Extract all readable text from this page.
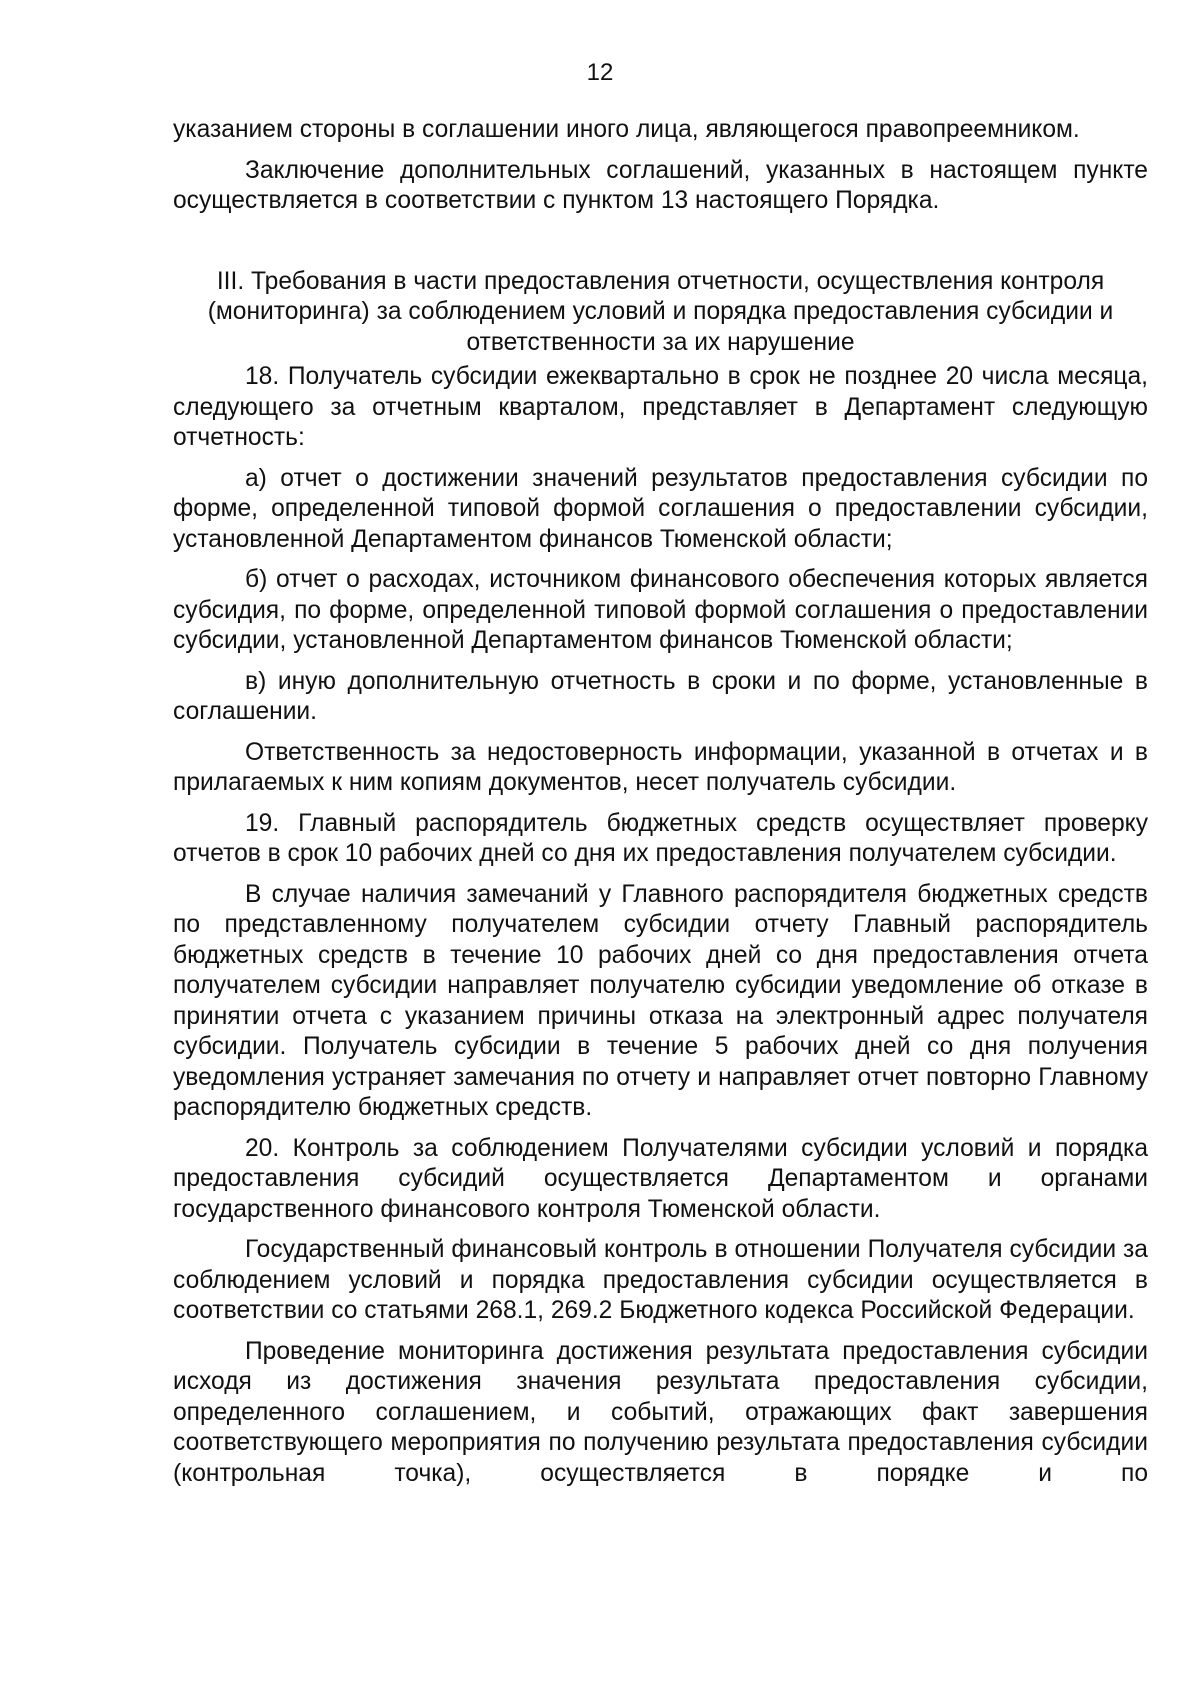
12

указанием стороны в соглашении иного лица, являющегося правопреемником.

Заключение дополнительных соглашений, указанных в настоящем пункте осуществляется в соответствии с пунктом 13 настоящего Порядка.

III. Требования в части предоставления отчетности, осуществления контроля (мониторинга) за соблюдением условий и порядка предоставления субсидии и ответственности за их нарушение

18. Получатель субсидии ежеквартально в срок не позднее 20 числа месяца, следующего за отчетным кварталом, представляет в Департамент следующую отчетность:

а) отчет о достижении значений результатов предоставления субсидии по форме, определенной типовой формой соглашения о предоставлении субсидии, установленной Департаментом финансов Тюменской области;

б) отчет о расходах, источником финансового обеспечения которых является субсидия, по форме, определенной типовой формой соглашения о предоставлении субсидии, установленной Департаментом финансов Тюменской области;

в) иную дополнительную отчетность в сроки и по форме, установленные в соглашении.

Ответственность за недостоверность информации, указанной в отчетах и в прилагаемых к ним копиям документов, несет получатель субсидии.

19. Главный распорядитель бюджетных средств осуществляет проверку отчетов в срок 10 рабочих дней со дня их предоставления получателем субсидии.

В случае наличия замечаний у Главного распорядителя бюджетных средств по представленному получателем субсидии отчету Главный распорядитель бюджетных средств в течение 10 рабочих дней со дня предоставления отчета получателем субсидии направляет получателю субсидии уведомление об отказе в принятии отчета с указанием причины отказа на электронный адрес получателя субсидии. Получатель субсидии в течение 5 рабочих дней со дня получения уведомления устраняет замечания по отчету и направляет отчет повторно Главному распорядителю бюджетных средств.

20. Контроль за соблюдением Получателями субсидии условий и порядка предоставления субсидий осуществляется Департаментом и органами государственного финансового контроля Тюменской области.

Государственный финансовый контроль в отношении Получателя субсидии за соблюдением условий и порядка предоставления субсидии осуществляется в соответствии со статьями 268.1, 269.2 Бюджетного кодекса Российской Федерации.

Проведение мониторинга достижения результата предоставления субсидии исходя из достижения значения результата предоставления субсидии, определенного соглашением, и событий, отражающих факт завершения соответствующего мероприятия по получению результата предоставления субсидии (контрольная точка), осуществляется в порядке и по
